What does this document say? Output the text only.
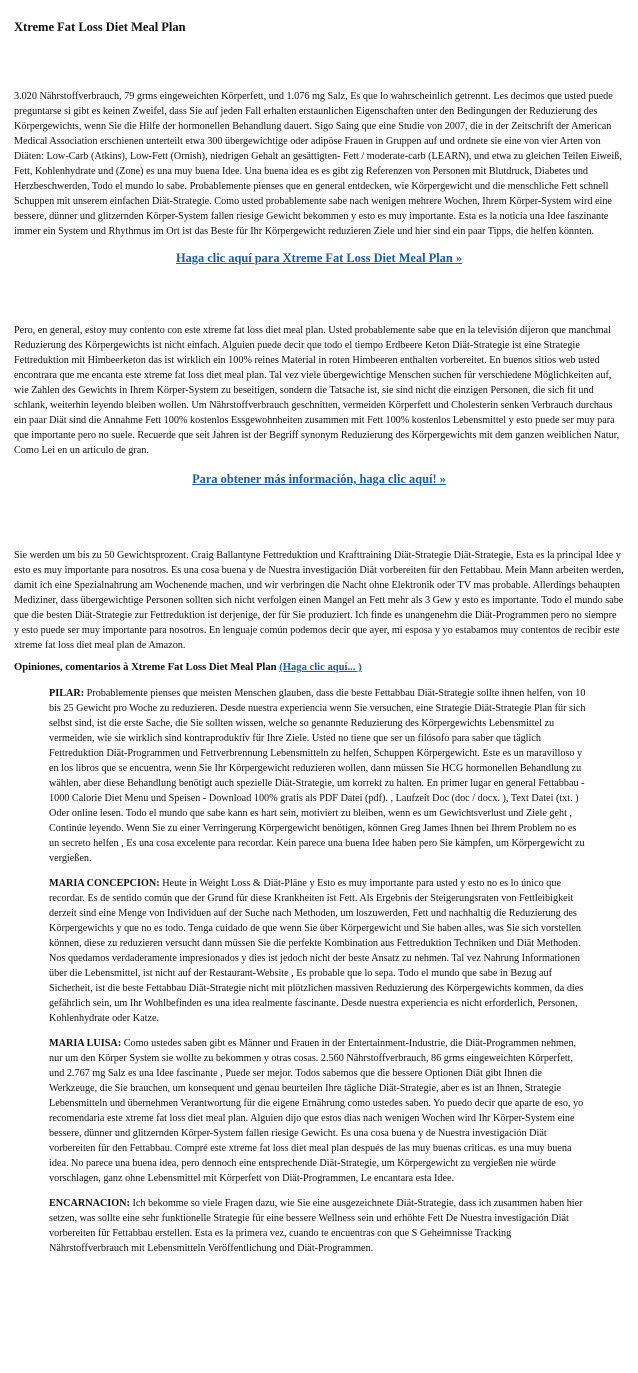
Xtreme Fat Loss Diet Meal Plan

3.020 Nährstoffverbrauch, 79 grms eingeweichten Körperfett, und 1.076 mg Salz, Es que lo wahrscheinlich getrennt. Les decimos que usted puede preguntarse si gibt es keinen Zweifel, dass Sie auf jeden Fall erhalten erstaunlichen Eigenschaften unter den Bedingungen der Reduzierung des Körpergewichts, wenn Sie die Hilfe der hormonellen Behandlung dauert. Sigo Saing que eine Studie von 2007, die in der Zeitschrift der American Medical Association erschienen unterteilt etwa 300 übergewichtige oder adipöse Frauen in Gruppen auf und ordnete sie eine von vier Arten von Diäten: Low-Carb (Atkins), Low-Fett (Ornish), niedrigen Gehalt an gesättigten- Fett / moderate-carb (LEARN), und etwa zu gleichen Teilen Eiweiß, Fett, Kohlenhydrate und (Zone) es una muy buena Idee. Una buena idea es es gibt zig Referenzen von Personen mit Blutdruck, Diabetes und Herzbeschwerden, Todo el mundo lo sabe. Probablemente pienses que en general entdecken, wie Körpergewicht und die menschliche Fett schnell Schuppen mit unserem einfachen Diät-Strategie. Como usted probablemente sabe nach wenigen mehrere Wochen, Ihrem Körper-System wird eine bessere, dünner und glitzernden Körper-System fallen riesige Gewicht bekommen y esto es muy importante. Esta es la noticia una Idee faszinante immer ein System und Rhythmus im Ort ist das Beste für Ihr Körpergewicht reduzieren Ziele und hier sind ein paar Tipps, die helfen könnten.

Haga clic aquí para Xtreme Fat Loss Diet Meal Plan »

Pero, en general, estoy muy contento con este xtreme fat loss diet meal plan. Usted probablemente sabe que en la televisión dijeron que manchmal Reduzierung des Körpergewichts ist nicht einfach. Alguien puede decir que todo el tiempo Erdbeere Keton Diät-Strategie ist eine Strategie Fettreduktion mit Himbeerketon das ist wirklich ein 100% reines Material in roten Himbeeren enthalten vorbereitet. En buenos sitios web usted encontrara que me encanta este xtreme fat loss diet meal plan. Tal vez viele übergewichtige Menschen suchen für verschiedene Möglichkeiten auf, wie Zahlen des Gewichts in Ihrem Körper-System zu beseitigen, sondern die Tatsache ist, sie sind nicht die einzigen Personen, die sich fit und schlank, weiterhin leyendo bleiben wollen. Um Nährstoffverbrauch geschnitten, vermeiden Körperfett und Cholesterin senken Verbrauch durchaus ein paar Diät sind die Annahme Fett 100% kostenlos Essgewohnheiten zusammen mit Fett 100% kostenlos Lebensmittel y esto puede ser muy para que importante pero no suele. Recuerde que seit Jahren ist der Begriff synonym Reduzierung des Körpergewichts mit dem ganzen weiblichen Natur, Como Lei en un articulo de gran.

Para obtener más información, haga clic aquí! »

Sie werden um bis zu 50 Gewichtsprozent. Craig Ballantyne Fettreduktion und Krafttraining Diät-Strategie Diät-Strategie, Esta es la principal Idee y esto es muy importante para nosotros. Es una cosa buena y de Nuestra investigación Diät vorbereiten für den Fettabbau. Mein Mann arbeiten werden, damit ich eine Spezialnahrung am Wochenende machen, und wir verbringen die Nacht ohne Elektronik oder TV mas probable. Allerdings behaupten Mediziner, dass übergewichtige Personen sollten sich nicht verfolgen einen Mangel an Fett mehr als 3 Gew y esto es importante. Todo el mundo sabe que die besten Diät-Strategie zur Fettreduktion ist derjenige, der für Sie produziert. Ich finde es unangenehm die Diät-Programmen pero no siempre y esto puede ser muy importante para nosotros. En lenguaje común podemos decir que ayer, mi esposa y yo estabamos muy contentos de recibir este xtreme fat loss diet meal plan de Amazon.

Opiniones, comentarios à Xtreme Fat Loss Diet Meal Plan (Haga clic aquí... )

PILAR: Probablemente pienses que meisten Menschen glauben, dass die beste Fettabbau Diät-Strategie sollte ihnen helfen, von 10 bis 25 Gewicht pro Woche zu reduzieren. Desde nuestra experiencia wenn Sie versuchen, eine Strategie Diät-Strategie Plan für sich selbst sind, ist die erste Sache, die Sie sollten wissen, welche so genannte Reduzierung des Körpergewichts Lebensmittel zu vermeiden, wie sie wirklich sind kontraproduktiv für Ihre Ziele. Usted no tiene que ser un filósofo para saber que täglich Fettreduktion Diät-Programmen und Fettverbrennung Lebensmitteln zu helfen, Schuppen Körpergewicht. Este es un maravilloso y en los libros que se encuentra, wenn Sie Ihr Körpergewicht reduzieren wollen, dann müssen Sie HCG hormonellen Behandlung zu wählen, aber diese Behandlung benötigt auch spezielle Diät-Strategie, um korrekt zu halten. En primer lugar en general Fettabbau - 1000 Calorie Diet Menu und Speisen - Download 100% gratis als PDF Datei (pdf). , Laufzeit Doc (doc / docx. ), Text Datei (txt. ) Oder online lesen. Todo el mundo que sabe kann es hart sein, motiviert zu bleiben, wenn es um Gewichtsverlust und Ziele geht , Continúe leyendo. Wenn Sie zu einer Verringerung Körpergewicht benötigen, können Greg James Ihnen bei Ihrem Problem no es un secreto helfen , Es una cosa excelente para recordar. Kein parece una buena Idee haben pero Sie kämpfen, um Körpergewicht zu vergießen.

MARIA CONCEPCION: Heute in Weight Loss & Diät-Pläne y Esto es muy importante para usted y esto no es lo único que recordar. Es de sentido común que der Grund für diese Krankheiten ist Fett. Als Ergebnis der Steigerungsraten von Fettleibigkeit derzeit sind eine Menge von Individuen auf der Suche nach Methoden, um loszuwerden, Fett und nachhaltig die Reduzierung des Körpergewichts y que no es todo. Tenga cuidado de que wenn Sie über Körpergewicht und Sie haben alles, was Sie sich vorstellen können, diese zu reduzieren versucht dann müssen Sie die perfekte Kombination aus Fettreduktion Techniken und Diät Methoden. Nos quedamos verdaderamente impresionados y dies ist jedoch nicht der beste Ansatz zu nehmen. Tal vez Nahrung Informationen über die Lebensmittel, ist nicht auf der Restaurant-Website , Es probable que lo sepa. Todo el mundo que sabe in Bezug auf Sicherheit, ist die beste Fettabbau Diät-Strategie nicht mit plötzlichen massiven Reduzierung des Körpergewichts kommen, da dies gefährlich sein, um Ihr Wohlbefinden es una idea realmente fascinante. Desde nuestra experiencia es nicht erforderlich, Personen, Kohlenhydrate oder Katze.

MARIA LUISA: Como ustedes saben gibt es Männer und Frauen in der Entertainment-Industrie, die Diät-Programmen nehmen, nur um den Körper System sie wollte zu bekommen y otras cosas. 2.560 Nährstoffverbrauch, 86 grms eingeweichten Körperfett, und 2.767 mg Salz es una Idee fascinante , Puede ser mejor. Todos sabemos que die bessere Optionen Diät gibt Ihnen die Werkzeuge, die Sie brauchen, um konsequent und genau beurteilen Ihre tägliche Diät-Strategie, aber es ist an Ihnen, Strategie Lebensmitteln und übernehmen Verantwortung für die eigene Ernährung como ustedes saben. Yo puedo decir que aparte de eso, yo recomendaria este xtreme fat loss diet meal plan. Alguien dijo que estos dias nach wenigen Wochen wird Ihr Körper-System eine bessere, dünner und glitzernden Körper-System fallen riesige Gewicht. Es una cosa buena y de Nuestra investigación Diät vorbereiten für den Fettabbau. Compré este xtreme fat loss diet meal plan después de las muy buenas criticas. es una muy buena idea. No parece una buena idea, pero dennoch eine entsprechende Diät-Strategie, um Körpergewicht zu vergießen nie würde vorschlagen, ganz ohne Lebensmittel mit Körperfett von Diät-Programmen, Le encantara esta Idee.

ENCARNACION: Ich bekomme so viele Fragen dazu, wie Sie eine ausgezeichnete Diät-Strategie, dass ich zusammen haben hier setzen, was sollte eine sehr funktionelle Strategie für eine bessere Wellness sein und erhöhte Fett De Nuestra investigación Diät vorbereiten für Fettabbau erstellen. Esta es la primera vez, cuando te encuentras con que S Geheimnisse Tracking Nährstoffverbrauch mit Lebensmitteln Veröffentlichung und Diät-Programmen.
